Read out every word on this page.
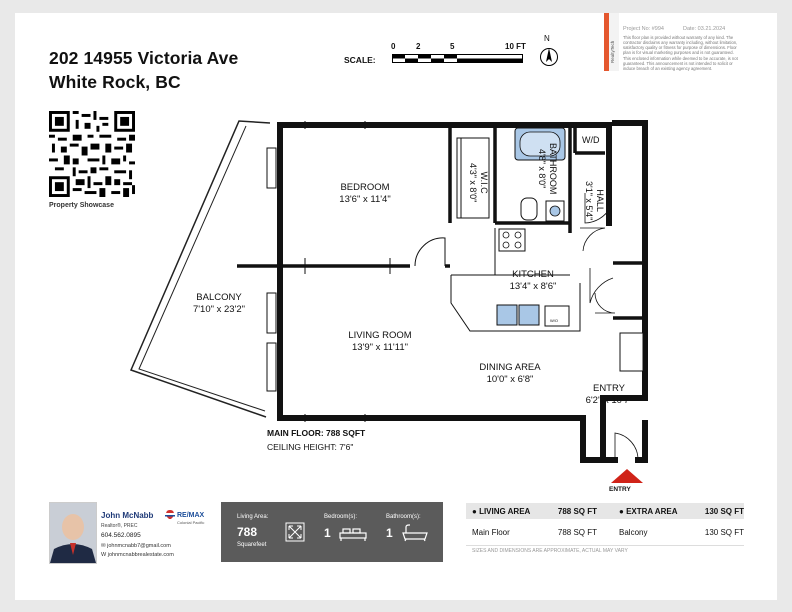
202 14955 Victoria Ave
White Rock, BC
Property Showcase
SCALE:
0	2	5	10 FT
N
RealtyTech
Project No: #994	Date: 03.21.2024
This floor plan is provided without warranty of any kind. The contractor disclaims any warranty including, without limitation, satisfactory quality or fitness for purpose of dimensions. Floor plan is for visual marketing purposes and is not guaranteed.
This enclosed information while deemed to be accurate, is not guaranteed. This announcement is not intended to solicit or induce breach of an existing agency agreement.
BEDROOM
13'6" x 11'4"
LIVING ROOM
13'9" x 11'11"
BALCONY
7'10" x 23'2"
KITCHEN
13'4" x 8'6"
DINING AREA
10'0" x 6'8"
ENTRY
6'2" x 10'7"
W.I.C
4'3" x 8'0"	BATHROOM
4'8" x 8'0"
HALL
3'1" x 5'4"
W/D
W/O
MAIN FLOOR: 788 SQFT
CEILING HEIGHT: 7'6"
ENTRY
John McNabb
Realtor®, PREC
604.562.0895
✉ johnmcnabb7@gmail.com
W johnmcnabbrealestate.com
RE/MAX
Colonial Pacific
Living Area:
788
Squarefeet
Bedroom(s):
1
Bathroom(s):
1
● LIVING AREA	788 SQ FT	● EXTRA AREA	130 SQ FT
Main Floor	788 SQ FT	Balcony	130 SQ FT
SIZES AND DIMENSIONS ARE APPROXIMATE, ACTUAL MAY VARY
